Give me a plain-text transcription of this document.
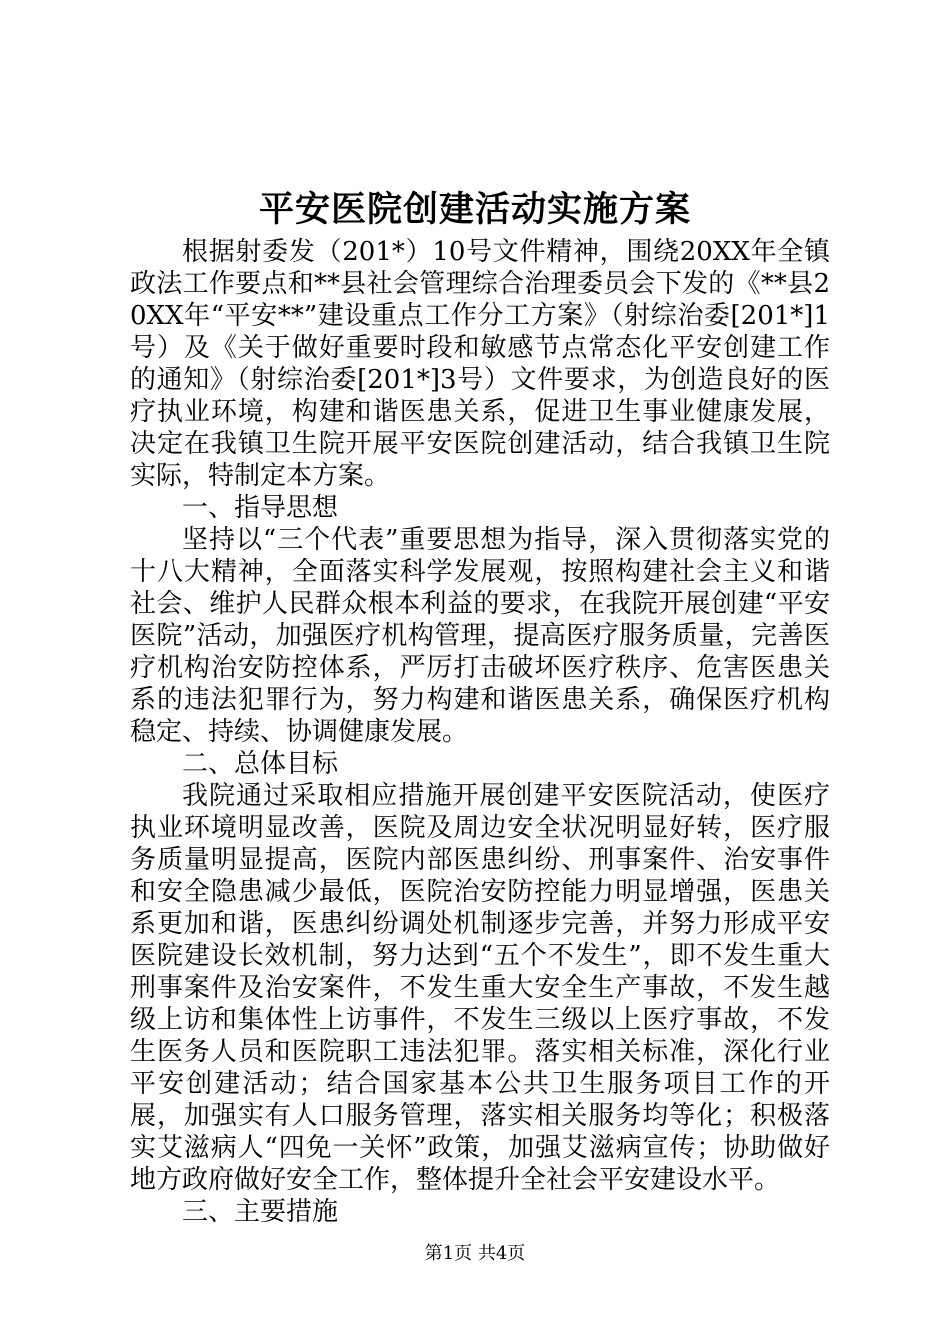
平安医院创建活动实施方案

根据射委发（201*）10号文件精神，围绕20XX年全镇政法工作要点和**县社会管理综合治理委员会下发的《**县20XX年“平安**”建设重点工作分工方案》（射综治委[201*]1号）及《关于做好重要时段和敏感节点常态化平安创建工作的通知》（射综治委[201*]3号）文件要求，为创造良好的医疗执业环境，构建和谐医患关系，促进卫生事业健康发展，决定在我镇卫生院开展平安医院创建活动，结合我镇卫生院实际，特制定本方案。

一、指导思想

坚持以“三个代表”重要思想为指导，深入贯彻落实党的十八大精神，全面落实科学发展观，按照构建社会主义和谐社会、维护人民群众根本利益的要求，在我院开展创建“平安医院”活动，加强医疗机构管理，提高医疗服务质量，完善医疗机构治安防控体系，严厉打击破坏医疗秩序、危害医患关系的违法犯罪行为，努力构建和谐医患关系，确保医疗机构稳定、持续、协调健康发展。

二、总体目标

我院通过采取相应措施开展创建平安医院活动，使医疗执业环境明显改善，医院及周边安全状况明显好转，医疗服务质量明显提高，医院内部医患纠纷、刑事案件、治安事件和安全隐患减少最低，医院治安防控能力明显增强，医患关系更加和谐，医患纠纷调处机制逐步完善，并努力形成平安医院建设长效机制，努力达到“五个不发生”，即不发生重大刑事案件及治安案件，不发生重大安全生产事故，不发生越级上访和集体性上访事件，不发生三级以上医疗事故，不发生医务人员和医院职工违法犯罪。落实相关标准，深化行业平安创建活动；结合国家基本公共卫生服务项目工作的开展，加强实有人口服务管理，落实相关服务均等化；积极落实艾滋病人“四免一关怀”政策，加强艾滋病宣传；协助做好地方政府做好安全工作，整体提升全社会平安建设水平。

三、主要措施

第1页 共4页
